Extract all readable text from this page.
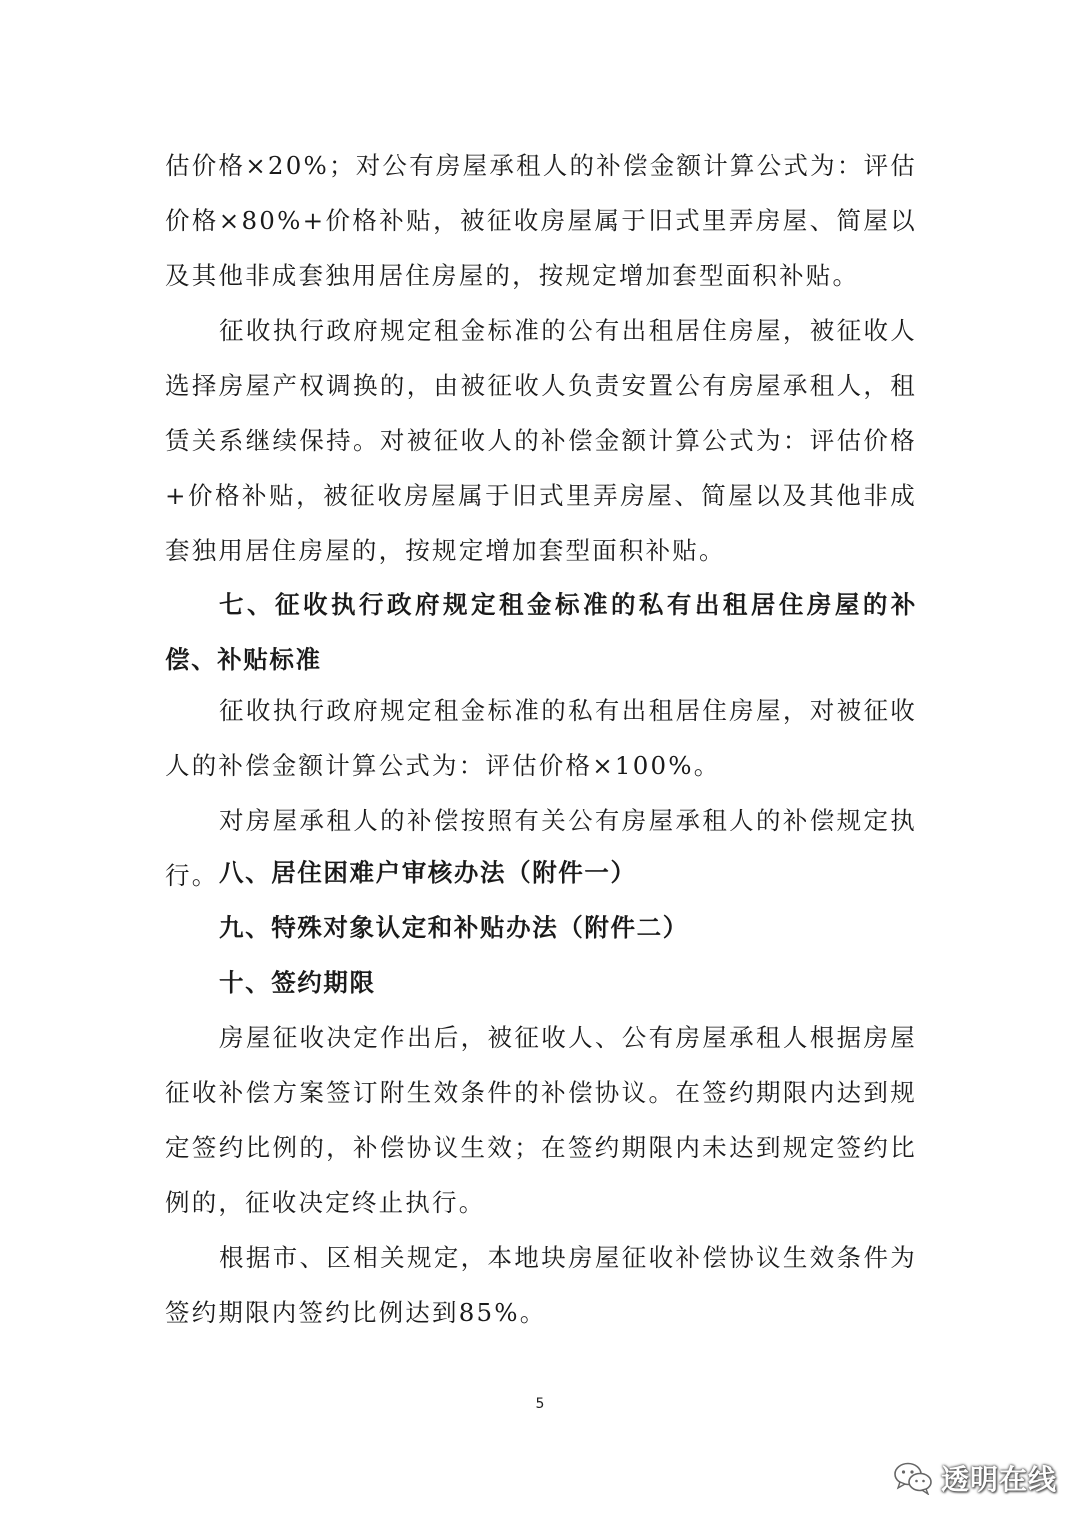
估价格×20%；对公有房屋承租人的补偿金额计算公式为：评估价格×80%+价格补贴，被征收房屋属于旧式里弄房屋、简屋以及其他非成套独用居住房屋的，按规定增加套型面积补贴。
征收执行政府规定租金标准的公有出租居住房屋，被征收人选择房屋产权调换的，由被征收人负责安置公有房屋承租人，租赁关系继续保持。对被征收人的补偿金额计算公式为：评估价格+价格补贴，被征收房屋属于旧式里弄房屋、简屋以及其他非成套独用居住房屋的，按规定增加套型面积补贴。
七、征收执行政府规定租金标准的私有出租居住房屋的补偿、补贴标准
征收执行政府规定租金标准的私有出租居住房屋，对被征收人的补偿金额计算公式为：评估价格×100%。
对房屋承租人的补偿按照有关公有房屋承租人的补偿规定执行。 八、居住困难户审核办法（附件一）
九、特殊对象认定和补贴办法（附件二）
十、签约期限
房屋征收决定作出后，被征收人、公有房屋承租人根据房屋征收补偿方案签订附生效条件的补偿协议。在签约期限内达到规定签约比例的，补偿协议生效；在签约期限内未达到规定签约比例的，征收决定终止执行。
根据市、区相关规定，本地块房屋征收补偿协议生效条件为签约期限内签约比例达到85%。
5
透明在线
